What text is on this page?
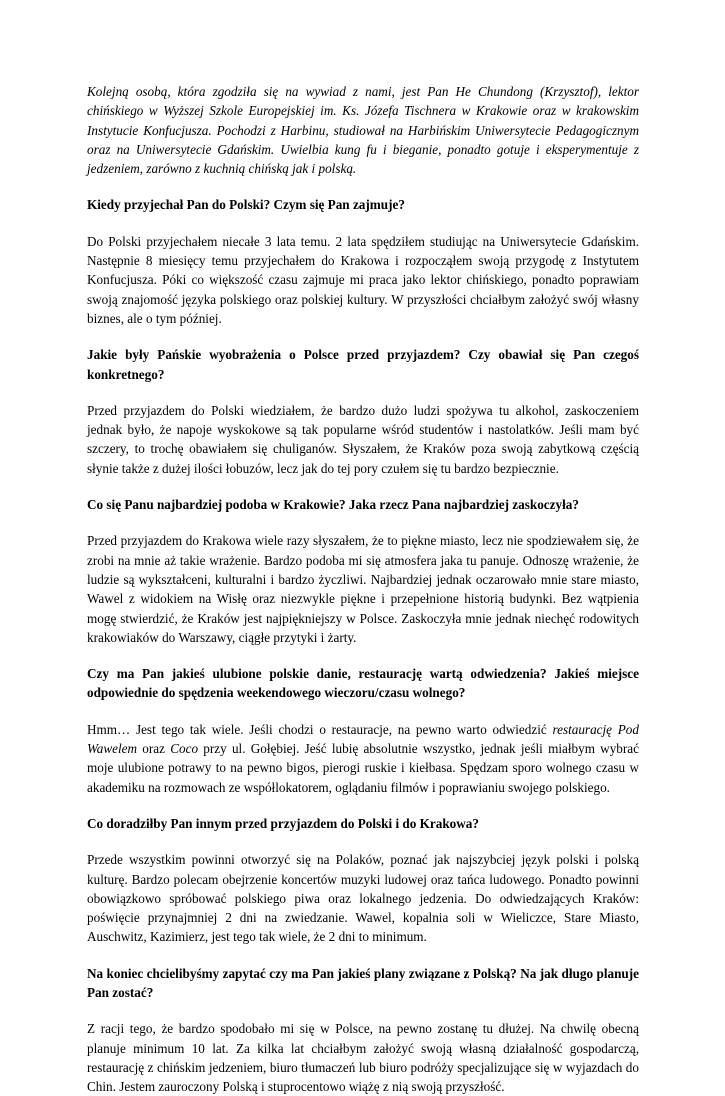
Kolejną osobą, która zgodziła się na wywiad z nami, jest Pan He Chundong (Krzysztof), lektor chińskiego w Wyższej Szkole Europejskiej im. Ks. Józefa Tischnera w Krakowie oraz w krakowskim Instytucie Konfucjusza. Pochodzi z Harbinu, studiował na Harbińskim Uniwersytecie Pedagogicznym oraz na Uniwersytecie Gdańskim. Uwielbia kung fu i bieganie, ponadto gotuje i eksperymentuje z jedzeniem, zarówno z kuchnią chińską jak i polską.

Kiedy przyjechał Pan do Polski? Czym się Pan zajmuje?

Do Polski przyjechałem niecałe 3 lata temu. 2 lata spędziłem studiując na Uniwersytecie Gdańskim. Następnie 8 miesięcy temu przyjechałem do Krakowa i rozpocząłem swoją przygodę z Instytutem Konfucjusza. Póki co większość czasu zajmuje mi praca jako lektor chińskiego, ponadto poprawiam swoją znajomość języka polskiego oraz polskiej kultury. W przyszłości chciałbym założyć swój własny biznes, ale o tym później.

Jakie były Pańskie wyobrażenia o Polsce przed przyjazdem? Czy obawiał się Pan czegoś konkretnego?

Przed przyjazdem do Polski wiedziałem, że bardzo dużo ludzi spożywa tu alkohol, zaskoczeniem jednak było, że napoje wyskokowe są tak popularne wśród studentów i nastolatków. Jeśli mam być szczery, to trochę obawiałem się chuliganów. Słyszałem, że Kraków poza swoją zabytkową częścią słynie także z dużej ilości łobuzów, lecz jak do tej pory czułem się tu bardzo bezpiecznie.

Co się Panu najbardziej podoba w Krakowie? Jaka rzecz Pana najbardziej zaskoczyła?

Przed przyjazdem do Krakowa wiele razy słyszałem, że to piękne miasto, lecz nie spodziewałem się, że zrobi na mnie aż takie wrażenie. Bardzo podoba mi się atmosfera jaka tu panuje. Odnoszę wrażenie, że ludzie są wykształceni, kulturalni i bardzo życzliwi. Najbardziej jednak oczarowało mnie stare miasto, Wawel z widokiem na Wisłę oraz niezwykle piękne i przepełnione historią budynki. Bez wątpienia mogę stwierdzić, że Kraków jest najpiękniejszy w Polsce. Zaskoczyła mnie jednak niechęć rodowitych krakowiaków do Warszawy, ciągłe przytyki i żarty.

Czy ma Pan jakieś ulubione polskie danie, restaurację wartą odwiedzenia? Jakieś miejsce odpowiednie do spędzenia weekendowego wieczoru/czasu wolnego?

Hmm… Jest tego tak wiele. Jeśli chodzi o restauracje, na pewno warto odwiedzić restaurację Pod Wawelem oraz Coco przy ul. Gołębiej. Jeść lubię absolutnie wszystko, jednak jeśli miałbym wybrać moje ulubione potrawy to na pewno bigos, pierogi ruskie i kiełbasa. Spędzam sporo wolnego czasu w akademiku na rozmowach ze współlokatorem, oglądaniu filmów i poprawianiu swojego polskiego.

Co doradziłby Pan innym przed przyjazdem do Polski i do Krakowa?

Przede wszystkim powinni otworzyć się na Polaków, poznać jak najszybciej język polski i polską kulturę. Bardzo polecam obejrzenie koncertów muzyki ludowej oraz tańca ludowego. Ponadto powinni obowiązkowo spróbować polskiego piwa oraz lokalnego jedzenia. Do odwiedzających Kraków: poświęcie przynajmniej 2 dni na zwiedzanie. Wawel, kopalnia soli w Wieliczce, Stare Miasto, Auschwitz, Kazimierz, jest tego tak wiele, że 2 dni to minimum.

Na koniec chcielibyśmy zapytać czy ma Pan jakieś plany związane z Polską? Na jak długo planuje Pan zostać?

Z racji tego, że bardzo spodobało mi się w Polsce, na pewno zostanę tu dłużej. Na chwilę obecną planuje minimum 10 lat. Za kilka lat chciałbym założyć swoją własną działalność gospodarczą, restaurację z chińskim jedzeniem, biuro tłumaczeń lub biuro podróży specjalizujące się w wyjazdach do Chin. Jestem zauroczony Polską i stuprocentowo wiążę z nią swoją przyszłość.
